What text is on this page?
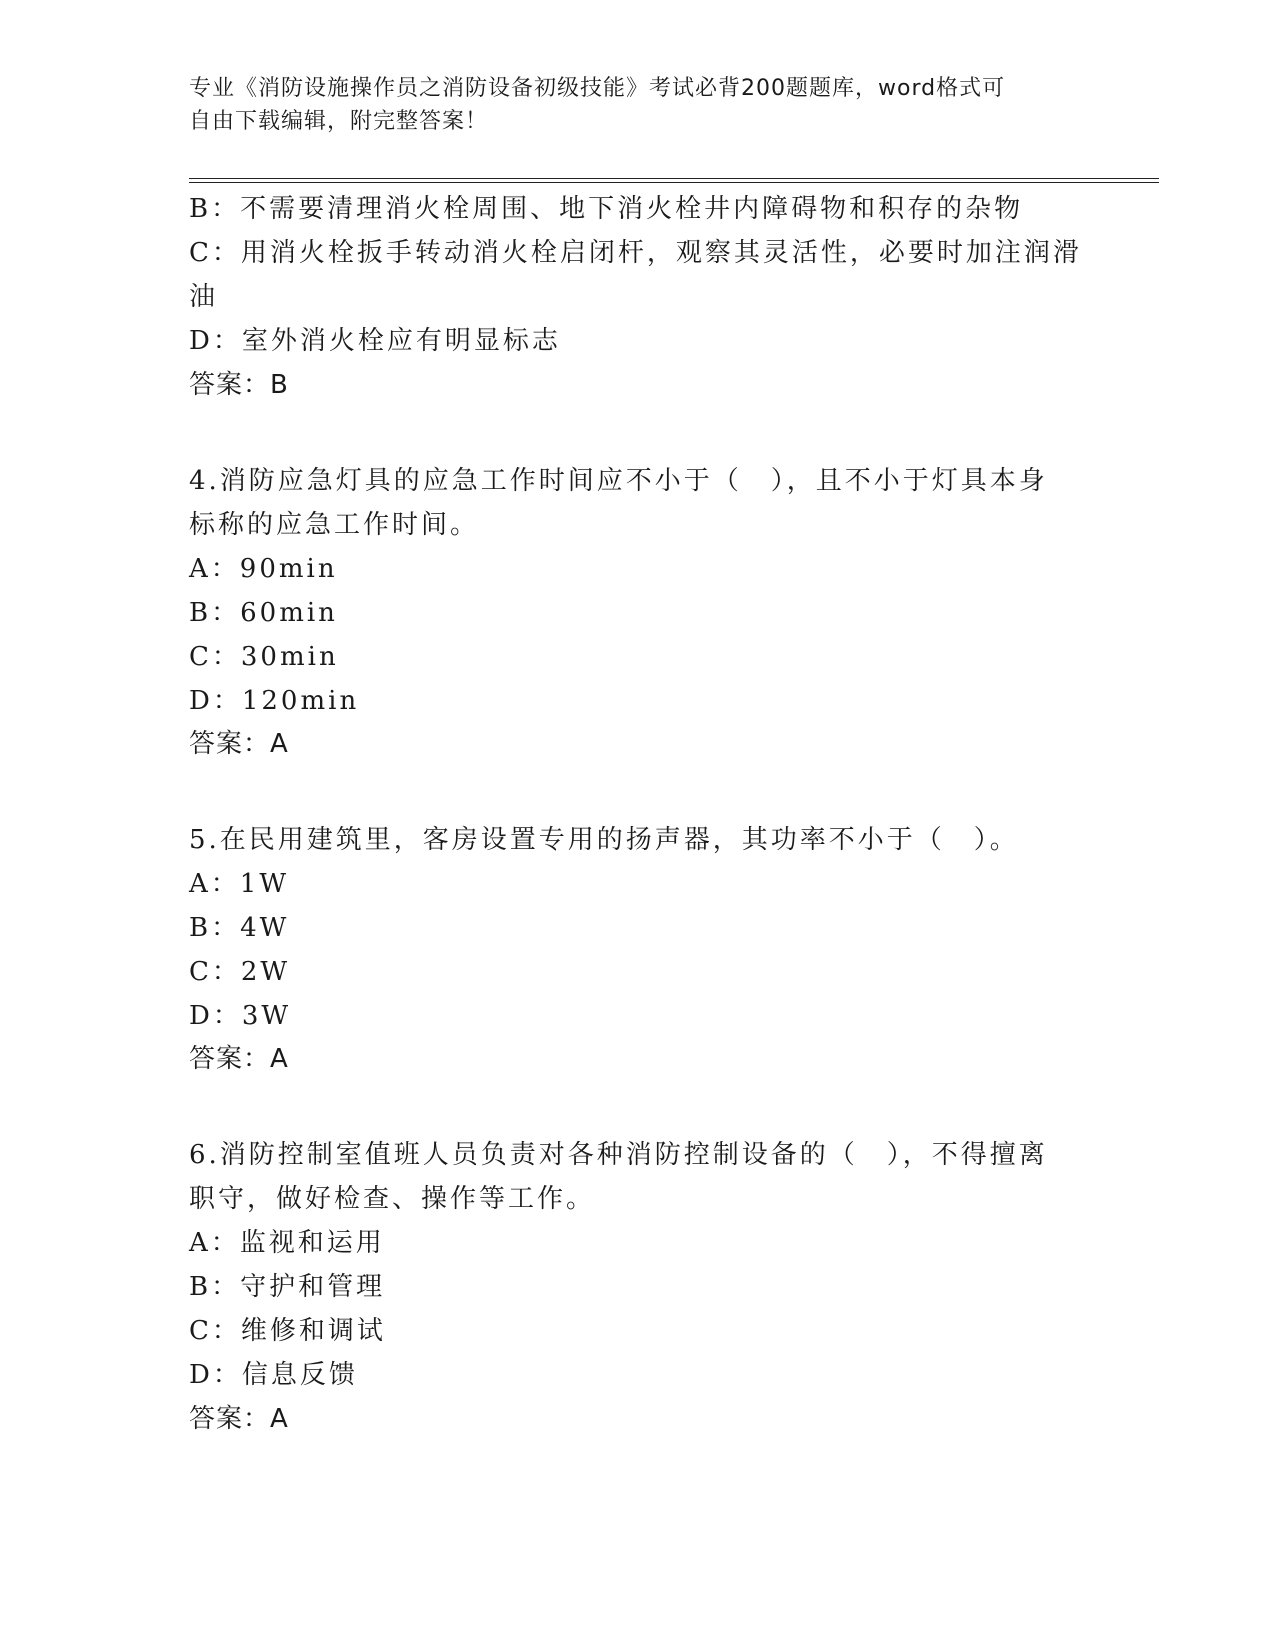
专业《消防设施操作员之消防设备初级技能》考试必背200题题库，word格式可
自由下载编辑，附完整答案！
B：不需要清理消火栓周围、地下消火栓井内障碍物和积存的杂物
C：用消火栓扳手转动消火栓启闭杆，观察其灵活性，必要时加注润滑
油
D：室外消火栓应有明显标志
答案：B
4.消防应急灯具的应急工作时间应不小于（　），且不小于灯具本身
标称的应急工作时间。
A：90min
B：60min
C：30min
D：120min
答案：A
5.在民用建筑里，客房设置专用的扬声器，其功率不小于（　）。
A：1W
B：4W
C：2W
D：3W
答案：A
6.消防控制室值班人员负责对各种消防控制设备的（　），不得擅离
职守，做好检查、操作等工作。
A：监视和运用
B：守护和管理
C：维修和调试
D：信息反馈
答案：A
